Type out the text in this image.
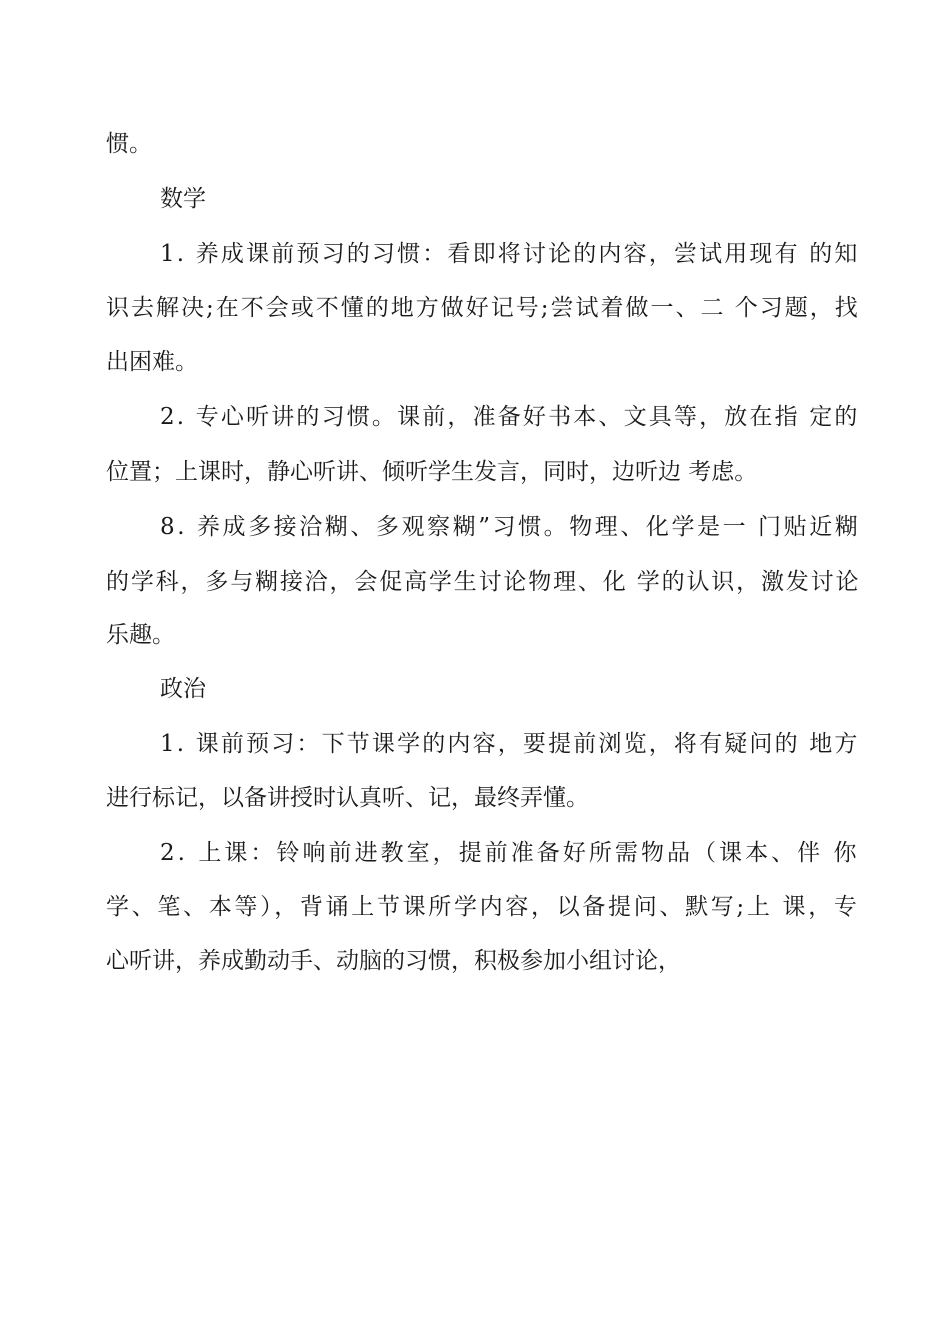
惯。
数学
1. 养成课前预习的习惯：看即将讨论的内容，尝试用现有 的知
识去解决;在不会或不懂的地方做好记号;尝试着做一、二 个习题，找
出困难。
2. 专心听讲的习惯。课前，准备好书本、文具等，放在指 定的
位置；上课时，静心听讲、倾听学生发言，同时，边听边 考虑。
8. 养成多接洽糊、多观察糊”习惯。物理、化学是一 门贴近糊
的学科，多与糊接洽，会促高学生讨论物理、化 学的认识，激发讨论
乐趣。
政治
1. 课前预习：下节课学的内容，要提前浏览，将有疑问的 地方
进行标记，以备讲授时认真听、记，最终弄懂。
2. 上课：铃响前进教室，提前准备好所需物品（课本、伴 你
学、笔、本等），背诵上节课所学内容，以备提问、默写;上 课，专
心听讲，养成勤动手、动脑的习惯，积极参加小组讨论，
